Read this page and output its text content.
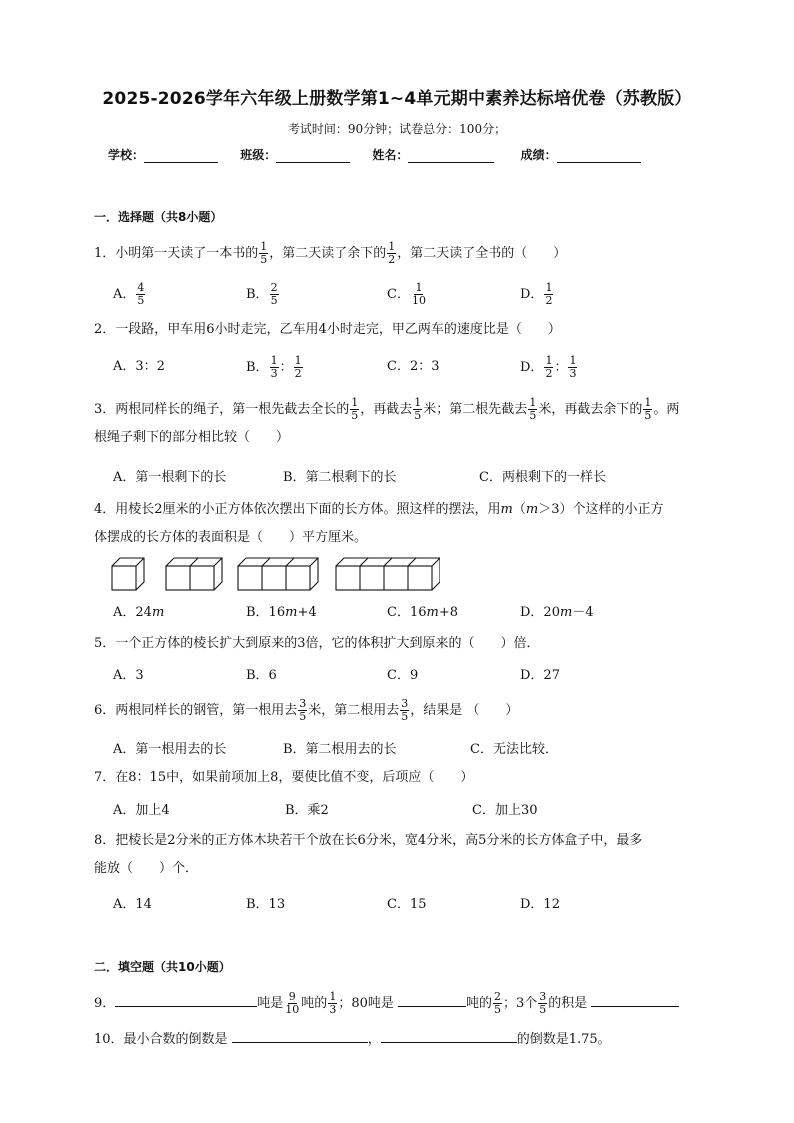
2025-2026学年六年级上册数学第1~4单元期中素养达标培优卷（苏教版）
考试时间：90分钟；试卷总分：100分；
学校：	班级：	姓名：	成绩：
一．选择题（共8小题）
1．小明第一天读了一本书的 $\frac{1}{5}$ ，第二天读了余下的 $\frac{1}{2}$ ，第二天读了全书的（　　）
A． $\frac{4}{5}$	B． $\frac{2}{5}$	C． $\frac{1}{10}$	D． $\frac{1}{2}$
2．一段路，甲车用6小时走完，乙车用4小时走完，甲乙两车的速度比是（　　）
A．3：2	B． $\frac{1}{3}$ ： $\frac{1}{2}$	C．2：3	D． $\frac{1}{2}$ ： $\frac{1}{3}$
3．两根同样长的绳子，第一根先截去全长的 $\frac{1}{5}$ ，再截去 $\frac{1}{5}$ 米；第二根先截去 $\frac{1}{5}$ 米，再截去余下的 $\frac{1}{5}$ 。两
根绳子剩下的部分相比较（　　）
A．第一根剩下的长	B．第二根剩下的长	C．两根剩下的一样长
4．用棱长2厘米的小正方体依次摆出下面的长方体。照这样的摆法，用m（m＞3）个这样的小正方
体摆成的长方体的表面积是（　　）平方厘米。
A．24m	B．16m+4	C．16m+8	D．20m－4
5．一个正方体的棱长扩大到原来的3倍，它的体积扩大到原来的（　　）倍．
A．3	B．6	C．9	D．27
6．两根同样长的钢管，第一根用去 $\frac{3}{5}$ 米，第二根用去 $\frac{3}{5}$ ，结果是 （　　）
A．第一根用去的长	B．第二根用去的长	C．无法比较．
7．在8：15中，如果前项加上8，要使比值不变，后项应（　　）
A．加上4	B．乘2	C．加上30
8．把棱长是2分米的正方体木块若干个放在长6分米，宽4分米，高5分米的长方体盒子中，最多
能放（　　）个．
A．14	B．13	C．15	D．12
二．填空题（共10小题）
9．	吨是 $\frac{9}{10}$ 吨的 $\frac{1}{3}$ ；80吨是	吨的 $\frac{2}{5}$ ；3个 $\frac{3}{5}$ 的积是
10．最小合数的倒数是	，	的倒数是1.75。
